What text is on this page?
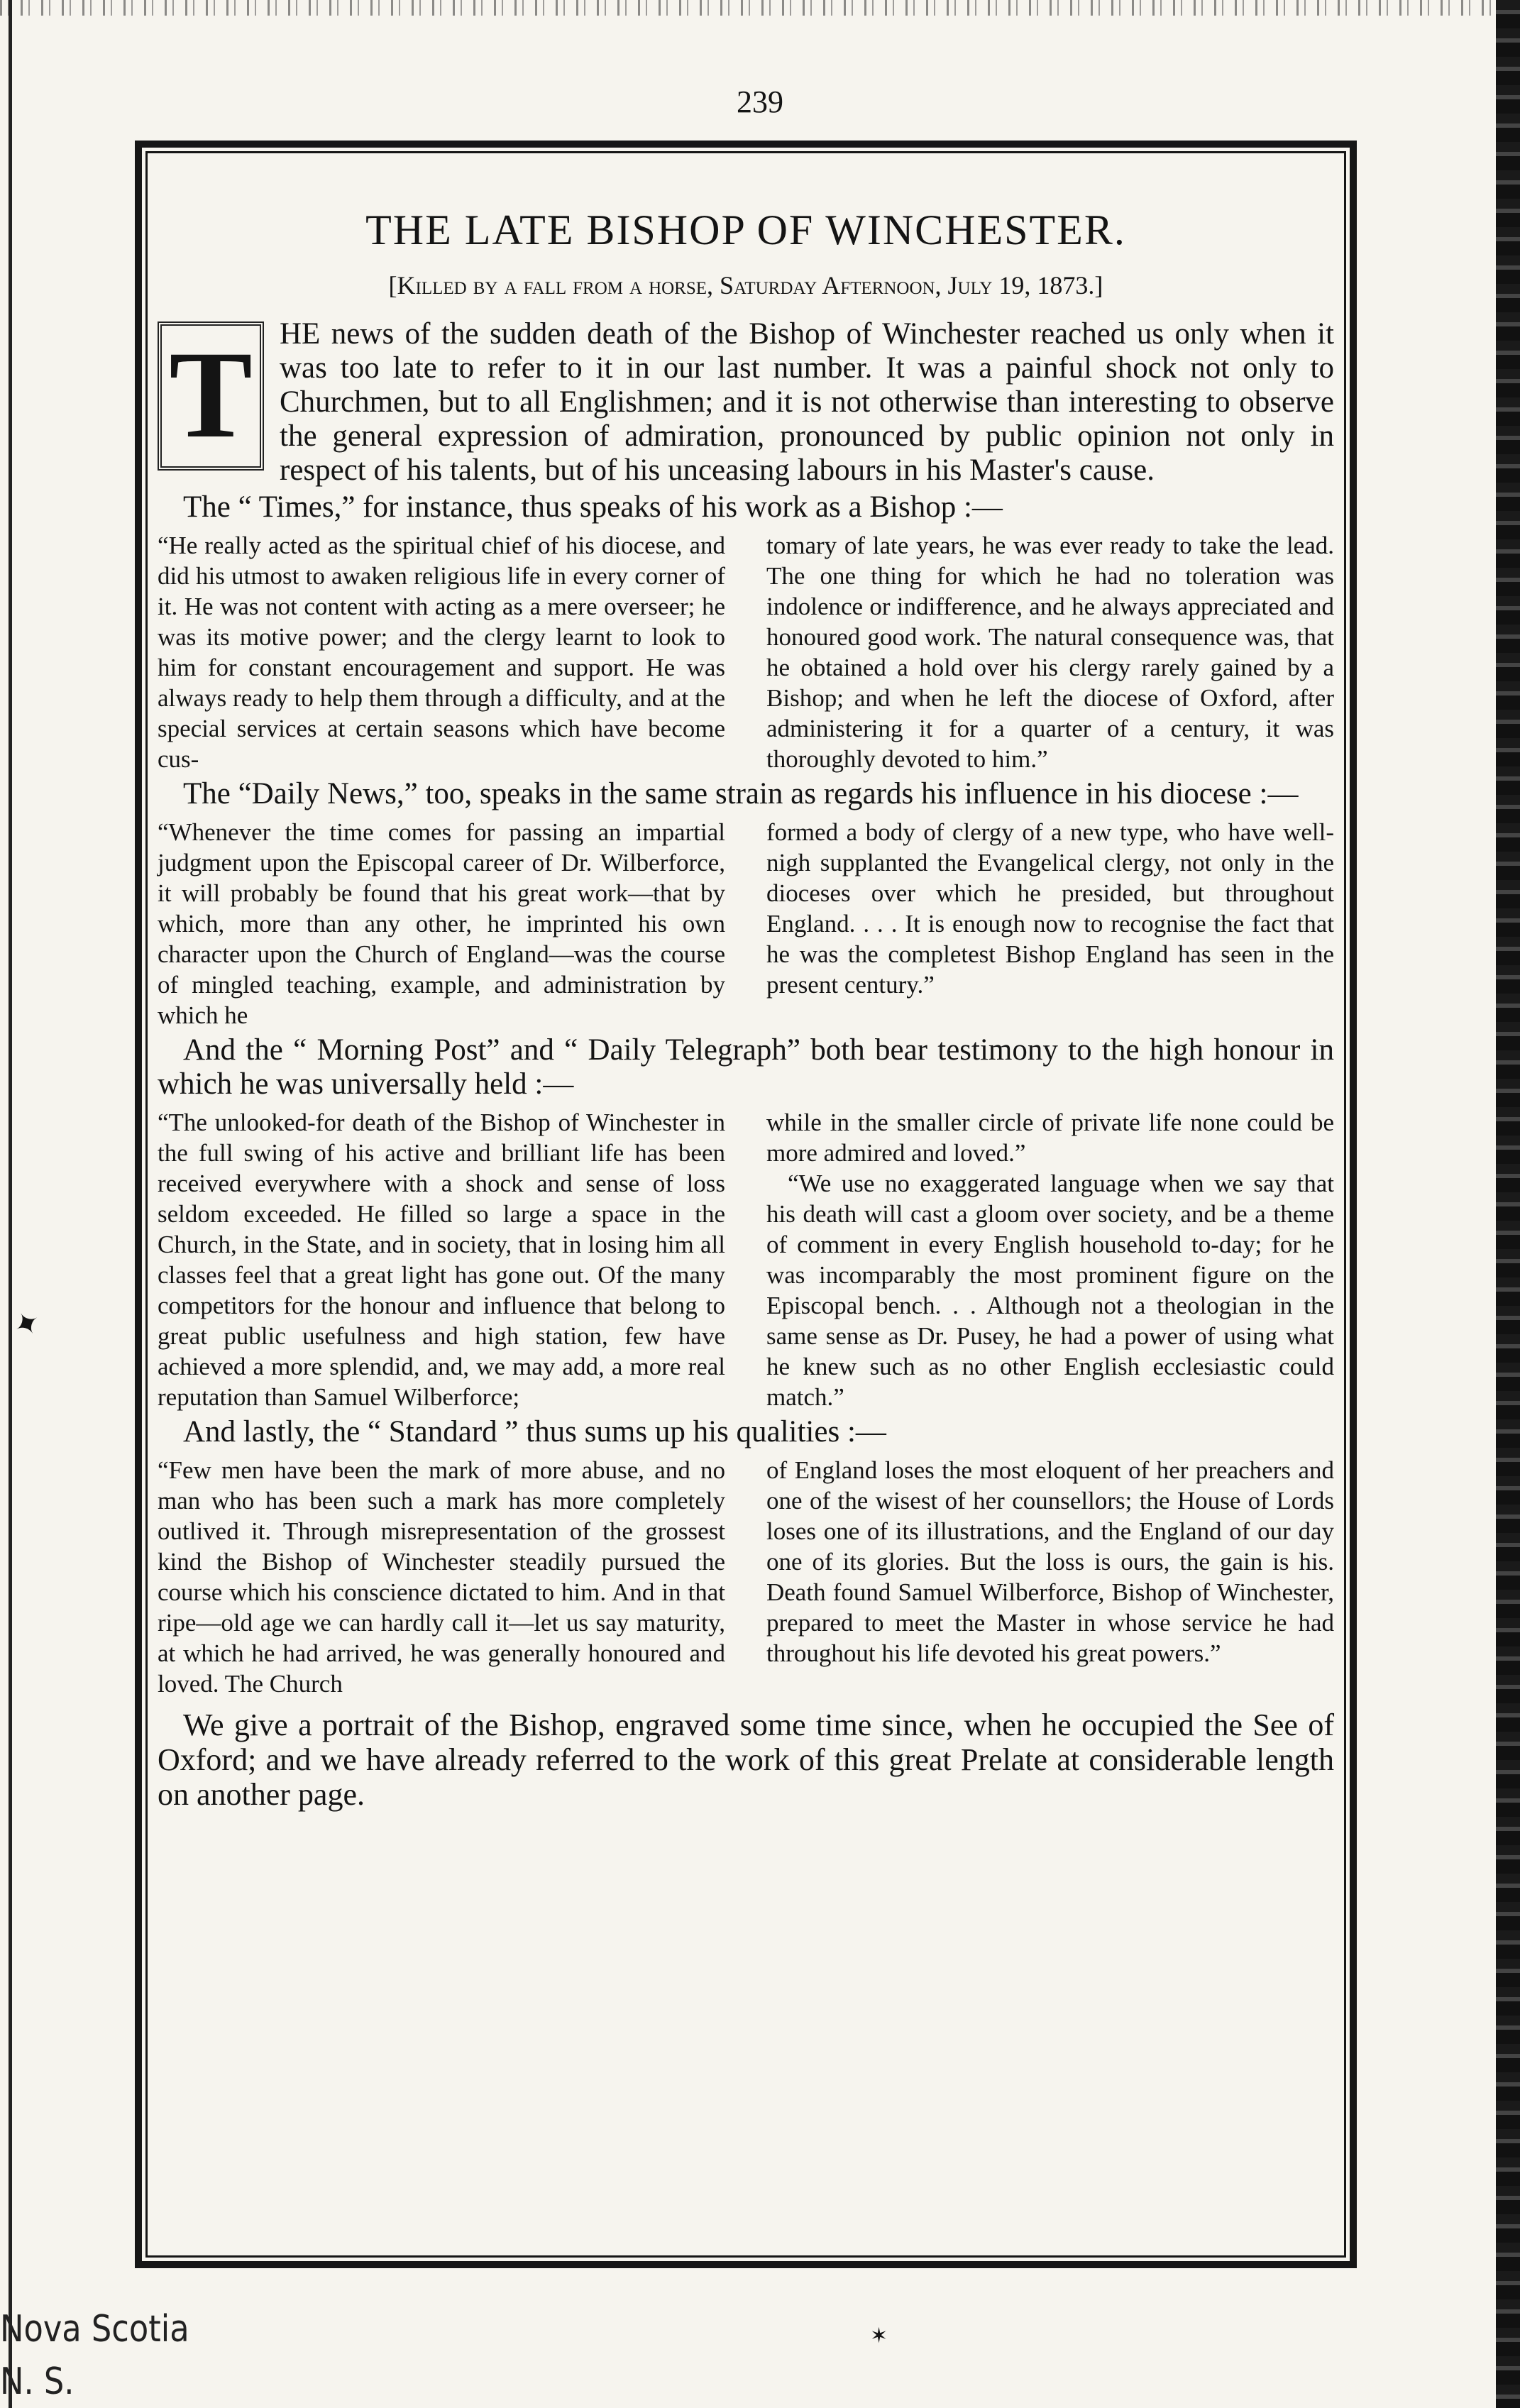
239
THE LATE BISHOP OF WINCHESTER.
[Killed by a fall from a horse, Saturday Afternoon, July 19, 1873.]
T HE news of the sudden death of the Bishop of Winchester reached us only when it was too late to refer to it in our last number. It was a painful shock not only to Churchmen, but to all Englishmen; and it is not otherwise than interesting to observe the general expression of admiration, pronounced by public opinion not only in respect of his talents, but of his unceasing labours in his Master's cause.
The “ Times,” for instance, thus speaks of his work as a Bishop :—

“He really acted as the spiritual chief of his diocese, and did his utmost to awaken religious life in every corner of it. He was not content with acting as a mere overseer; he was its motive power; and the clergy learnt to look to him for constant encouragement and support. He was always ready to help them through a difficulty, and at the special services at certain seasons which have become cus-

tomary of late years, he was ever ready to take the lead. The one thing for which he had no toleration was indolence or indifference, and he always appreciated and honoured good work. The natural consequence was, that he obtained a hold over his clergy rarely gained by a Bishop; and when he left the diocese of Oxford, after administering it for a quarter of a century, it was thoroughly devoted to him.”

The “Daily News,” too, speaks in the same strain as regards his influence in his diocese :—

“Whenever the time comes for passing an impartial judgment upon the Episcopal career of Dr. Wilberforce, it will probably be found that his great work—that by which, more than any other, he imprinted his own character upon the Church of England—was the course of mingled teaching, example, and administration by which he

formed a body of clergy of a new type, who have well-nigh supplanted the Evangelical clergy, not only in the dioceses over which he presided, but throughout England. . . . It is enough now to recognise the fact that he was the completest Bishop England has seen in the present century.”

And the “ Morning Post” and “ Daily Telegraph” both bear testimony to the high honour in which he was universally held :—

“The unlooked-for death of the Bishop of Winchester in the full swing of his active and brilliant life has been received everywhere with a shock and sense of loss seldom exceeded. He filled so large a space in the Church, in the State, and in society, that in losing him all classes feel that a great light has gone out. Of the many competitors for the honour and influence that belong to great public usefulness and high station, few have achieved a more splendid, and, we may add, a more real reputation than Samuel Wilberforce;

while in the smaller circle of private life none could be more admired and loved.”

“We use no exaggerated language when we say that his death will cast a gloom over society, and be a theme of comment in every English household to-day; for he was incomparably the most prominent figure on the Episcopal bench. . . Although not a theologian in the same sense as Dr. Pusey, he had a power of using what he knew such as no other English ecclesiastic could match.”

And lastly, the “ Standard ” thus sums up his qualities :—

“Few men have been the mark of more abuse, and no man who has been such a mark has more completely outlived it. Through misrepresentation of the grossest kind the Bishop of Winchester steadily pursued the course which his conscience dictated to him. And in that ripe—old age we can hardly call it—let us say maturity, at which he had arrived, he was generally honoured and loved. The Church

of England loses the most eloquent of her preachers and one of the wisest of her counsellors; the House of Lords loses one of its illustrations, and the England of our day one of its glories. But the loss is ours, the gain is his. Death found Samuel Wilberforce, Bishop of Winchester, prepared to meet the Master in whose service he had throughout his life devoted his great powers.”

We give a portrait of the Bishop, engraved some time since, when he occupied the See of Oxford; and we have already referred to the work of this great Prelate at considerable length on another page.
✦
✶
Nova Scotia
N. S.
